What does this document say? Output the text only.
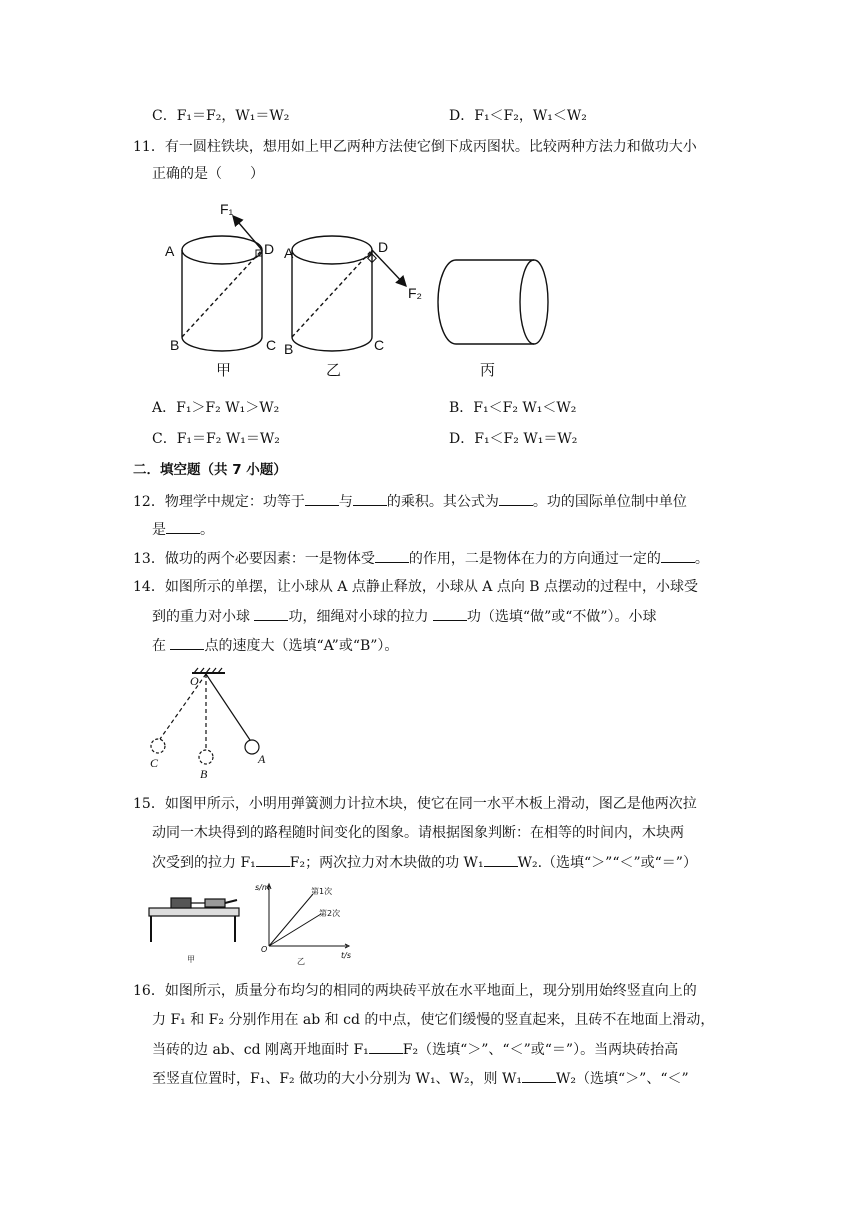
C．F₁＝F₂，W₁＝W₂	D．F₁＜F₂，W₁＜W₂
11．有一圆柱铁块，想用如上甲乙两种方法使它倒下成丙图状。比较两种方法力和做功大小
正确的是（　　）
F₁
A	D
B	C
A	D
F₂
B	C
甲	乙	丙
A．F₁＞F₂ W₁＞W₂	B．F₁＜F₂ W₁＜W₂
C．F₁＝F₂ W₁＝W₂	D．F₁＜F₂ W₁＝W₂
二．填空题（共 7 小题）
12．物理学中规定：功等于 与 的乘积。其公式为 。功的国际单位制中单位
是 。
13．做功的两个必要因素：一是物体受 的作用，二是物体在力的方向通过一定的 。
14．如图所示的单摆，让小球从 A 点静止释放，小球从 A 点向 B 点摆动的过程中，小球受
到的重力对小球 功，细绳对小球的拉力 功（选填“做”或“不做”）。小球
在 点的速度大（选填“A”或“B”）。
O
C
B
A
15．如图甲所示，小明用弹簧测力计拉木块，使它在同一水平木板上滑动，图乙是他两次拉
动同一木块得到的路程随时间变化的图象。请根据图象判断：在相等的时间内，木块两
次受到的拉力 F₁ F₂；两次拉力对木块做的功 W₁ W₂.（选填“＞”“＜”或“＝”）
s/m
t/s
O
第1次
第2次
甲	乙
16．如图所示，质量分布均匀的相同的两块砖平放在水平地面上，现分别用始终竖直向上的
力 F₁ 和 F₂ 分别作用在 ab 和 cd 的中点，使它们缓慢的竖直起来，且砖不在地面上滑动，
当砖的边 ab、cd 刚离开地面时 F₁ F₂（选填“＞”、“＜”或“＝”）。当两块砖抬高
至竖直位置时，F₁、F₂ 做功的大小分别为 W₁、W₂，则 W₁ W₂（选填“＞”、“＜”
